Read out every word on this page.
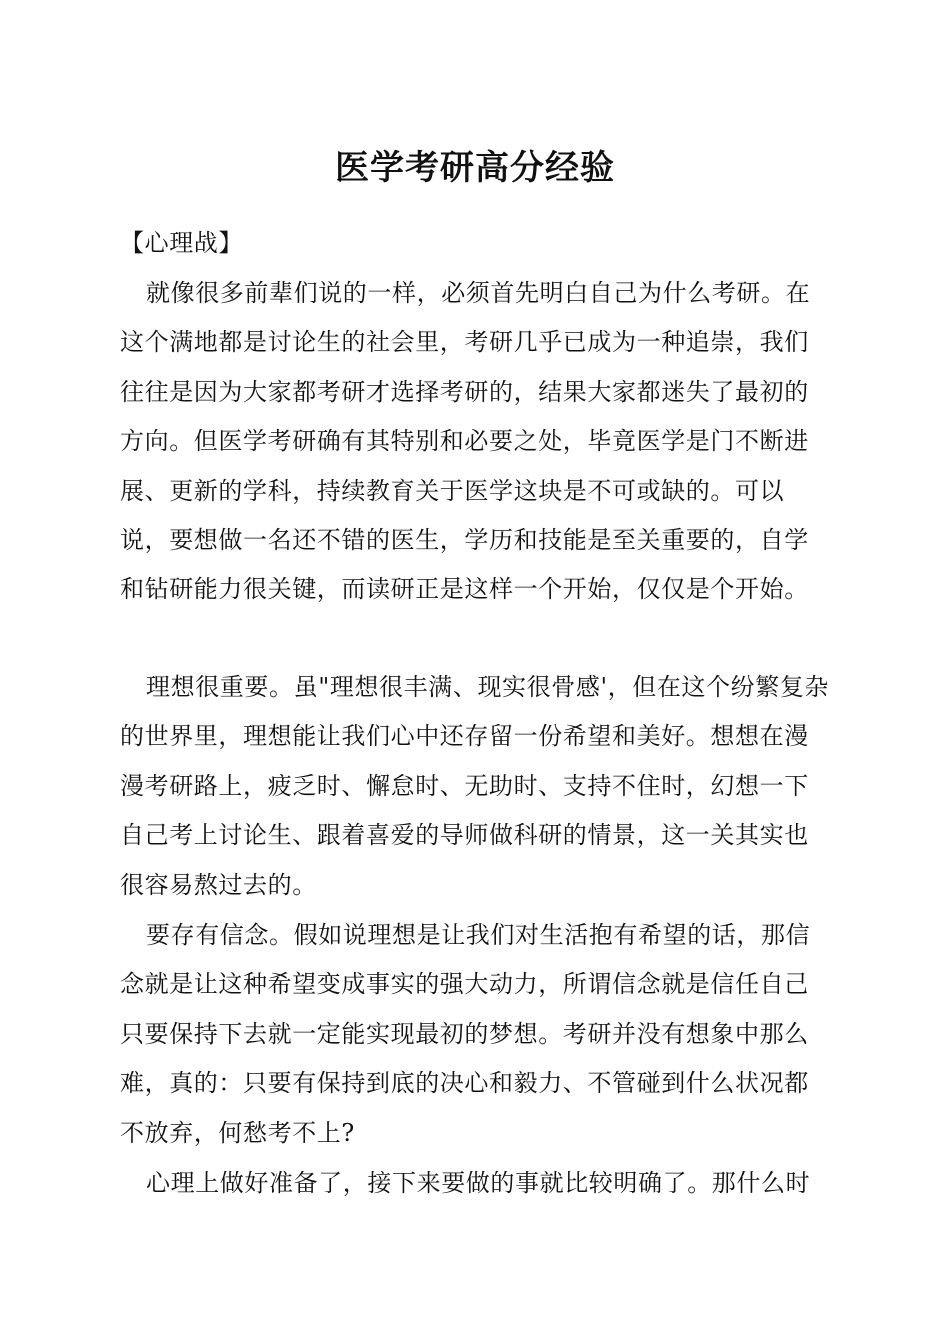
医学考研高分经验

【心理战】

就像很多前辈们说的一样，必须首先明白自己为什么考研。在这个满地都是讨论生的社会里，考研几乎已成为一种追崇，我们往往是因为大家都考研才选择考研的，结果大家都迷失了最初的方向。但医学考研确有其特别和必要之处，毕竟医学是门不断进展、更新的学科，持续教育关于医学这块是不可或缺的。可以说，要想做一名还不错的医生，学历和技能是至关重要的，自学和钻研能力很关键，而读研正是这样一个开始，仅仅是个开始。

理想很重要。虽"理想很丰满、现实很骨感'，但在这个纷繁复杂的世界里，理想能让我们心中还存留一份希望和美好。想想在漫漫考研路上，疲乏时、懈怠时、无助时、支持不住时，幻想一下自己考上讨论生、跟着喜爱的导师做科研的情景，这一关其实也很容易熬过去的。

要存有信念。假如说理想是让我们对生活抱有希望的话，那信念就是让这种希望变成事实的强大动力，所谓信念就是信任自己只要保持下去就一定能实现最初的梦想。考研并没有想象中那么难，真的：只要有保持到底的决心和毅力、不管碰到什么状况都不放弃，何愁考不上?

心理上做好准备了，接下来要做的事就比较明确了。那什么时
